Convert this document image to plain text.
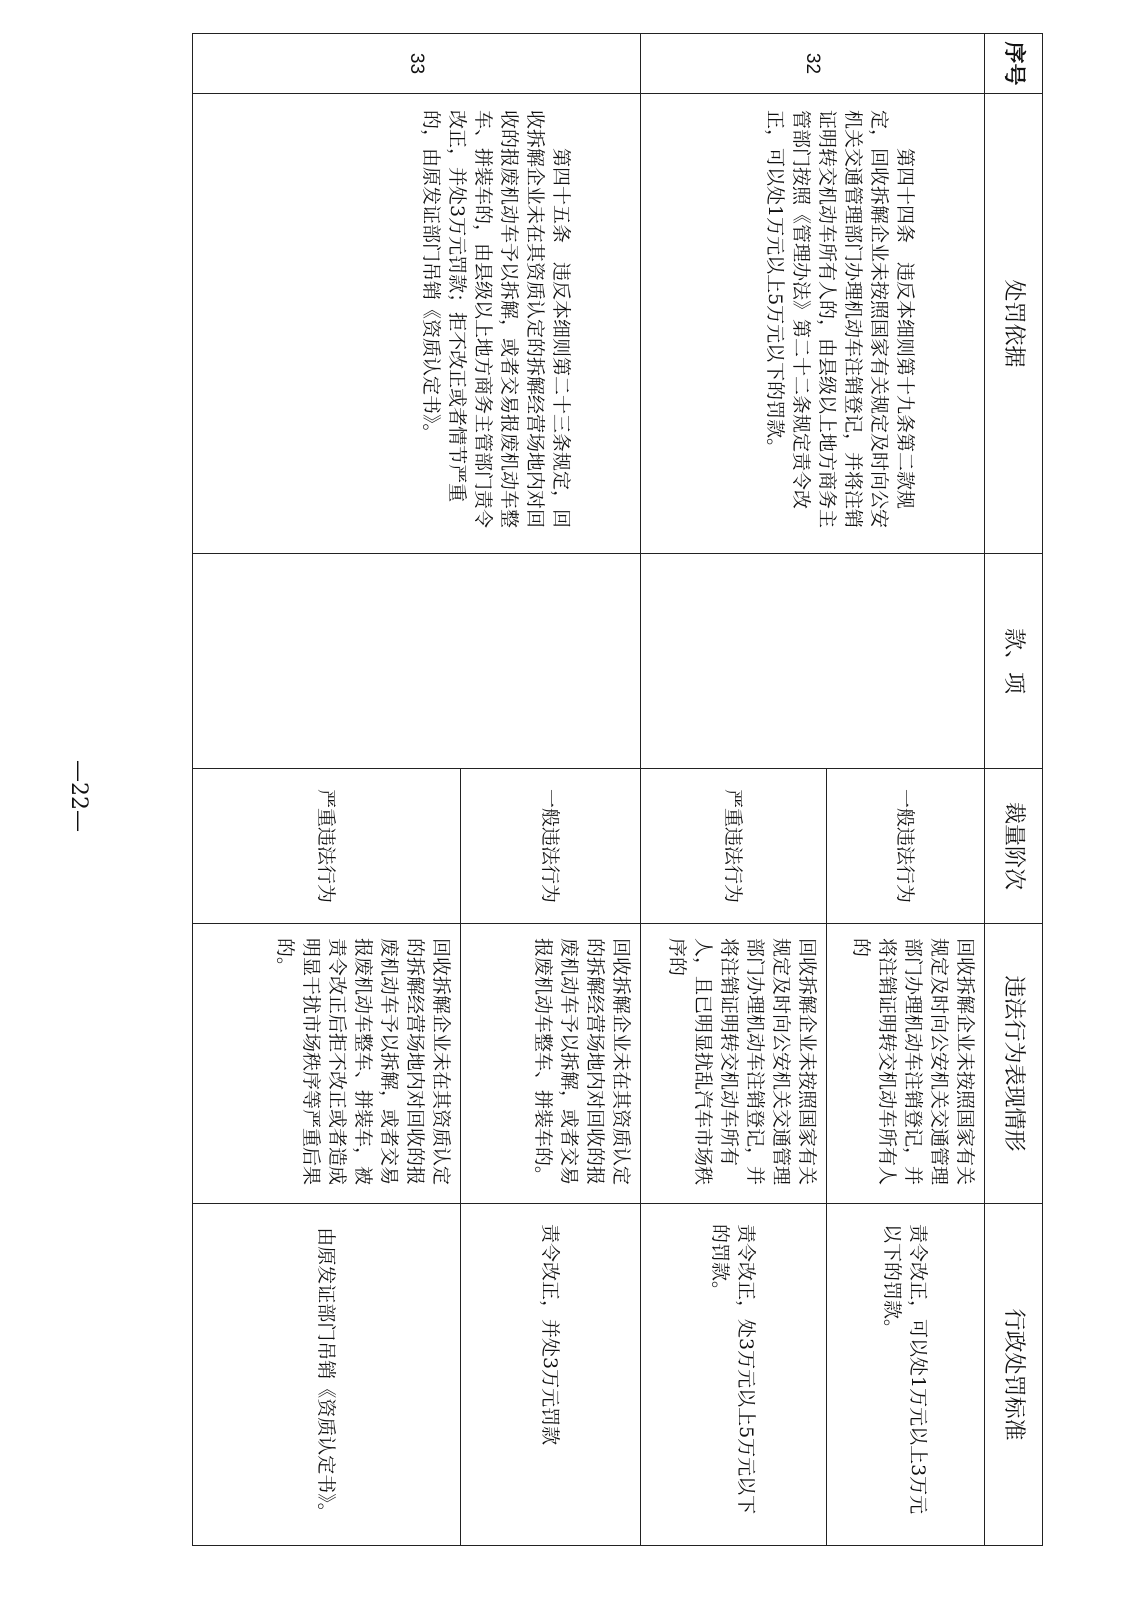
序号	处罚依据	款、项	裁量阶次	违法行为表现情形	行政处罚标准
32	第四十四条　违反本细则第十九条第二款规定，回收拆解企业未按照国家有关规定及时向公安机关交通管理部门办理机动车注销登记，并将注销证明转交机动车所有人的，由县级以上地方商务主管部门按照《管理办法》第二十二条规定责令改正，可以处1万元以上5万元以下的罚款。		一般违法行为	回收拆解企业未按照国家有关规定及时向公安机关交通管理部门办理机动车注销登记，并将注销证明转交机动车所有人的	责令改正，可以处1万元以上3万元以下的罚款。
			严重违法行为	回收拆解企业未按照国家有关规定及时向公安机关交通管理部门办理机动车注销登记，并将注销证明转交机动车所有人，且已明显扰乱汽车市场秩序的	责令改正，处3万元以上5万元以下的罚款。
33	第四十五条　违反本细则第二十三条规定，回收拆解企业未在其资质认定的拆解经营场地内对回收的报废机动车予以拆解，或者交易报废机动车整车、拼装车的，由县级以上地方商务主管部门责令改正，并处3万元罚款；拒不改正或者情节严重的，由原发证部门吊销《资质认定书》。		一般违法行为	回收拆解企业未在其资质认定的拆解经营场地内对回收的报废机动车予以拆解，或者交易报废机动车整车、拼装车的。	责令改正，并处3万元罚款
			严重违法行为	回收拆解企业未在其资质认定的拆解经营场地内对回收的报废机动车予以拆解，或者交易报废机动车整车、拼装车，被责令改正后拒不改正或者造成明显干扰市场秩序等严重后果的。	由原发证部门吊销《资质认定书》。
—22—
